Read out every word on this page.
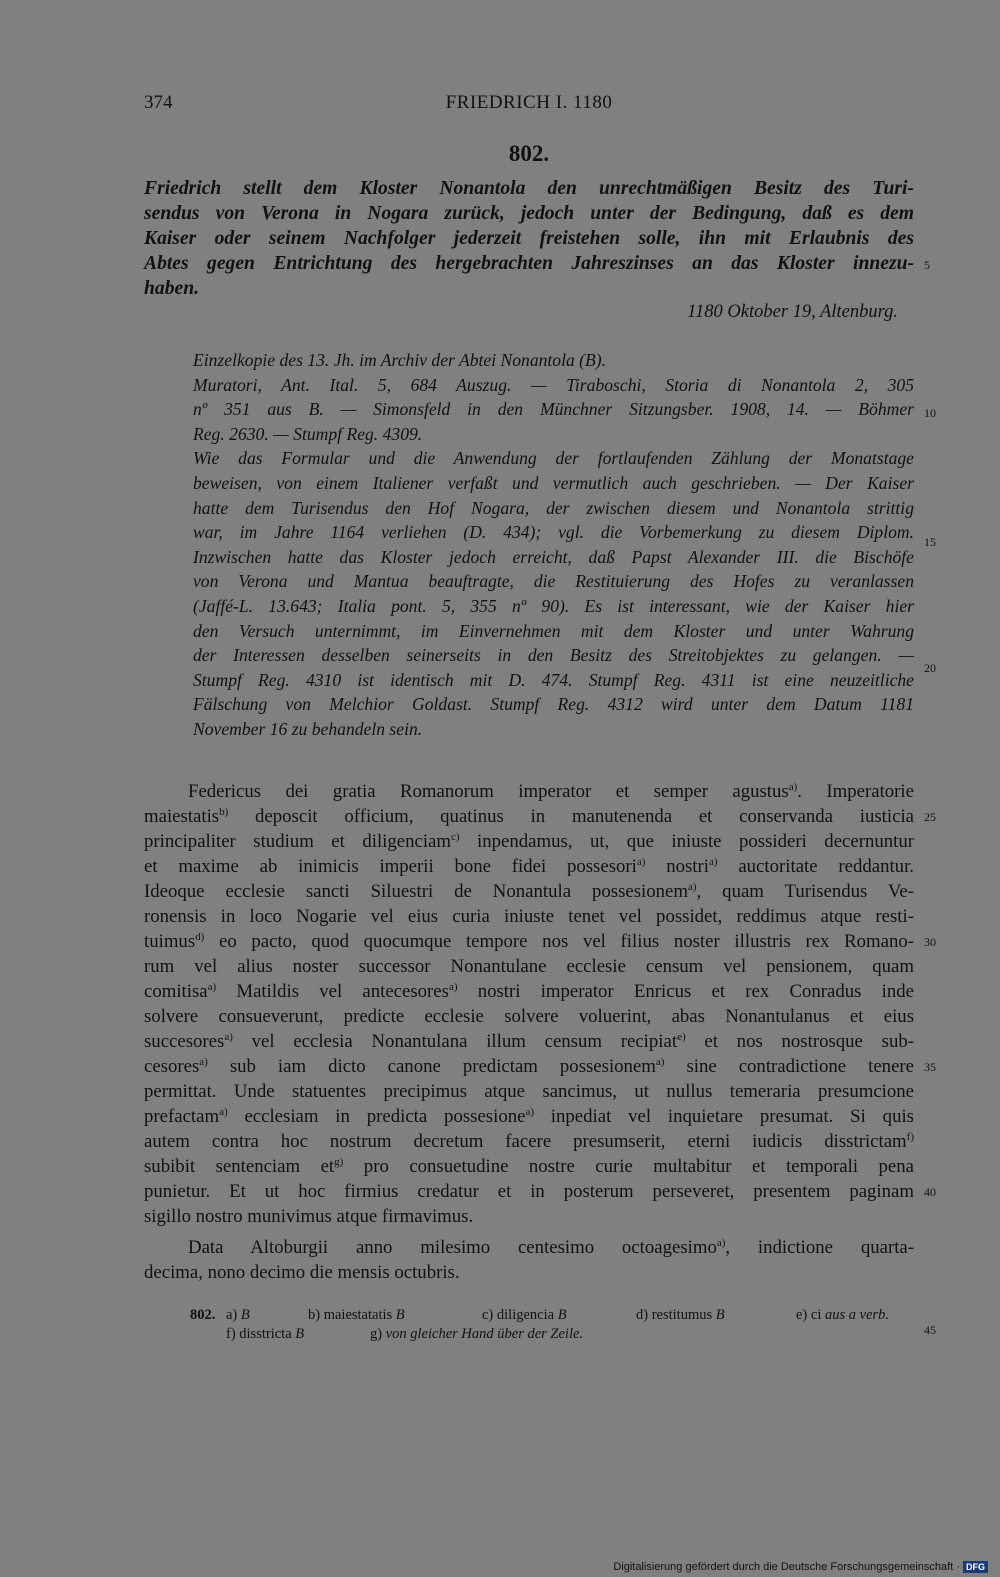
374	FRIEDRICH I. 1180
802.
Friedrich stellt dem Kloster Nonantola den unrechtmäßigen Besitz des Turi-
sendus von Verona in Nogara zurück, jedoch unter der Bedingung, daß es dem
Kaiser oder seinem Nachfolger jederzeit freistehen solle, ihn mit Erlaubnis des
Abtes gegen Entrichtung des hergebrachten Jahreszinses an das Kloster innezu-
haben.
1180 Oktober 19, Altenburg.
Einzelkopie des 13. Jh. im Archiv der Abtei Nonantola (B).
Muratori, Ant. Ital. 5, 684 Auszug. — Tiraboschi, Storia di Nonantola 2, 305
nº 351 aus B. — Simonsfeld in den Münchner Sitzungsber. 1908, 14. — Böhmer
Reg. 2630. — Stumpf Reg. 4309.
Wie das Formular und die Anwendung der fortlaufenden Zählung der Monatstage
beweisen, von einem Italiener verfaßt und vermutlich auch geschrieben. — Der Kaiser
hatte dem Turisendus den Hof Nogara, der zwischen diesem und Nonantola strittig
war, im Jahre 1164 verliehen (D. 434); vgl. die Vorbemerkung zu diesem Diplom.
Inzwischen hatte das Kloster jedoch erreicht, daß Papst Alexander III. die Bischöfe
von Verona und Mantua beauftragte, die Restituierung des Hofes zu veranlassen
(Jaffé-L. 13.643; Italia pont. 5, 355 nº 90). Es ist interessant, wie der Kaiser hier
den Versuch unternimmt, im Einvernehmen mit dem Kloster und unter Wahrung
der Interessen desselben seinerseits in den Besitz des Streitobjektes zu gelangen. —
Stumpf Reg. 4310 ist identisch mit D. 474. Stumpf Reg. 4311 ist eine neuzeitliche
Fälschung von Melchior Goldast. Stumpf Reg. 4312 wird unter dem Datum 1181
November 16 zu behandeln sein.
Federicus dei gratia Romanorum imperator et semper agustus$^{a)}$. Imperatorie
maiestatis$^{b)}$ deposcit officium, quatinus in manutenenda et conservanda iusticia
principaliter studium et diligenciam$^{c)}$ inpendamus, ut, que iniuste possideri decernuntur
et maxime ab inimicis imperii bone fidei possesori$^{a)}$ nostri$^{a)}$ auctoritate reddantur.
Ideoque ecclesie sancti Siluestri de Nonantula possesionem$^{a)}$, quam Turisendus Ve-
ronensis in loco Nogarie vel eius curia iniuste tenet vel possidet, reddimus atque resti-
tuimus$^{d)}$ eo pacto, quod quocumque tempore nos vel filius noster illustris rex Romano-
rum vel alius noster successor Nonantulane ecclesie censum vel pensionem, quam
comitisa$^{a)}$ Matildis vel antecesores$^{a)}$ nostri imperator Enricus et rex Conradus inde
solvere consueverunt, predicte ecclesie solvere voluerint, abas Nonantulanus et eius
succesores$^{a)}$ vel ecclesia Nonantulana illum censum recipiat$^{e)}$ et nos nostrosque sub-
cesores$^{a)}$ sub iam dicto canone predictam possesionem$^{a)}$ sine contradictione tenere
permittat. Unde statuentes precipimus atque sancimus, ut nullus temeraria presumcione
prefactam$^{a)}$ ecclesiam in predicta possesione$^{a)}$ inpediat vel inquietare presumat. Si quis
autem contra hoc nostrum decretum facere presumserit, eterni iudicis disstrictam$^{f)}$
subibit sentenciam $et^{g)}$ pro consuetudine nostre curie multabitur et temporali pena
punietur. Et ut hoc firmius credatur et in posterum perseveret, presentem paginam
sigillo nostro munivimus atque firmavimus.
Data Altoburgii anno milesimo centesimo octoagesimo$^{a)}$, indictione quarta-
decima, nono decimo die mensis octubris.
802. a) B	b) maiestatatis B	c) diligencia B	d) restitumus B	e) ci aus a verb.
f) disstricta B	g) von gleicher Hand über der Zeile.
5
10
15
20
25
30
35
40
45
Digitalisierung gefördert durch die Deutsche Forschungsgemeinschaft · DFG
